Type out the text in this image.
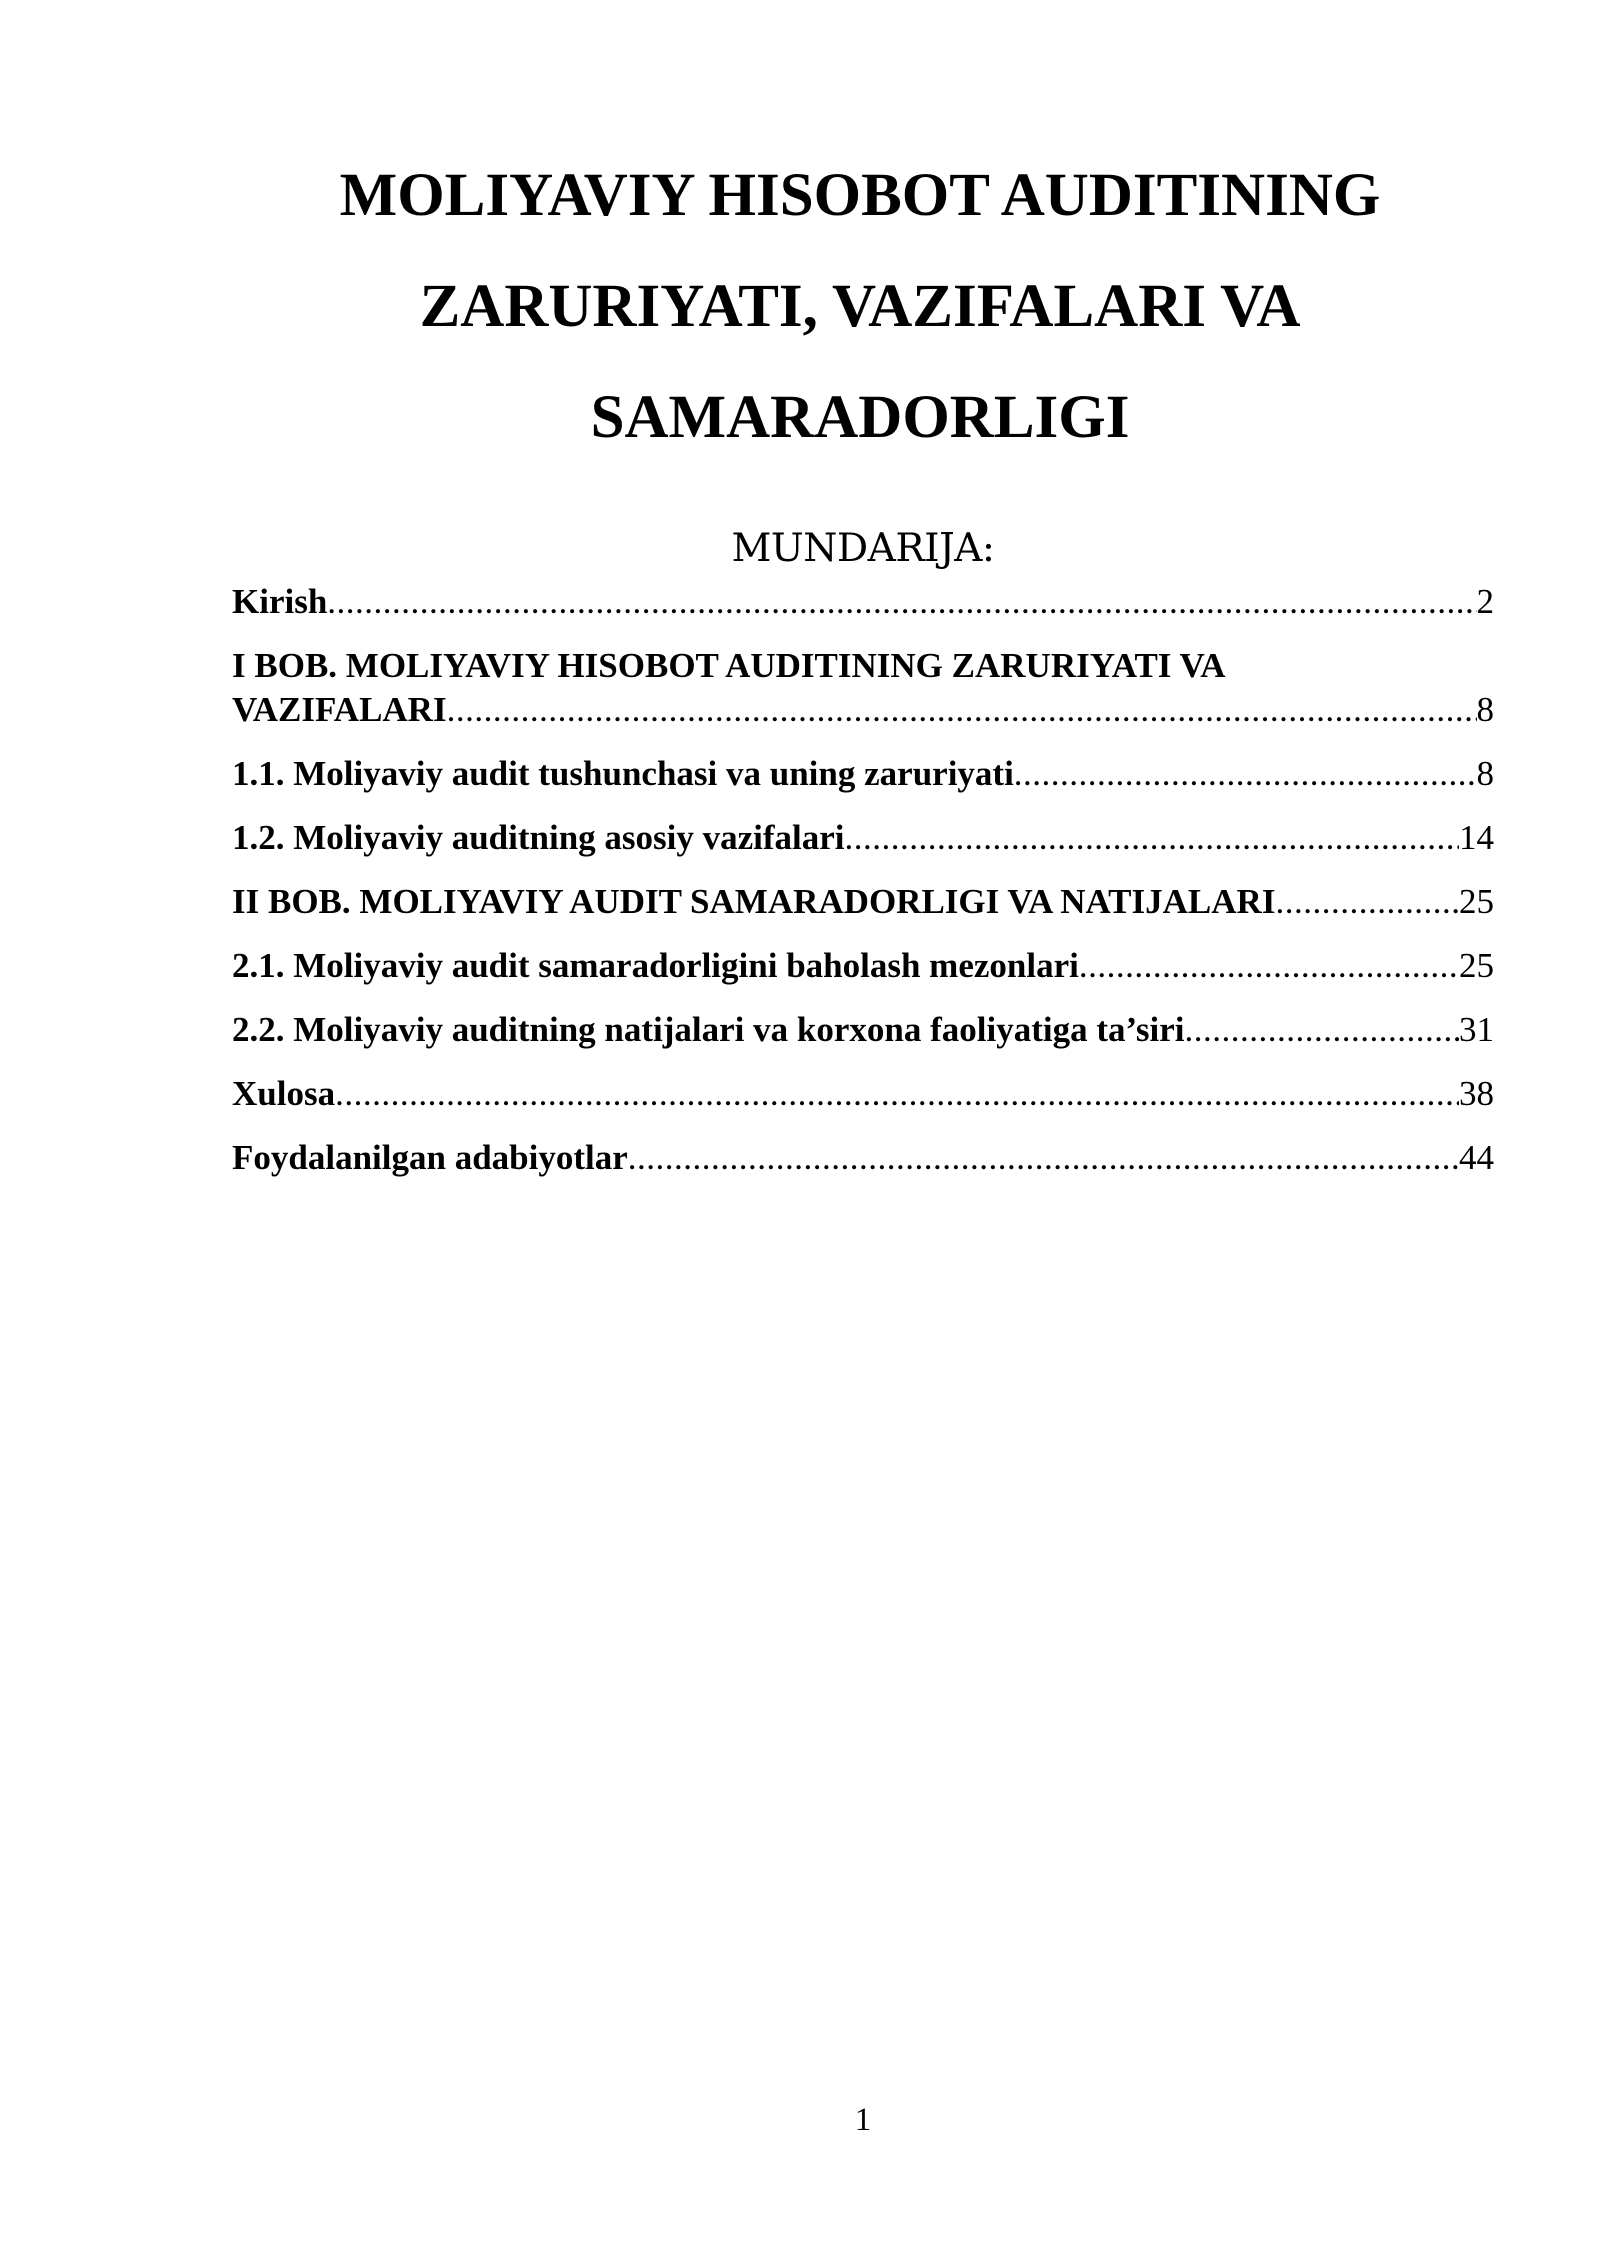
MOLIYAVIY HISOBOT AUDITINING
ZARURIYATI, VAZIFALARI VA
SAMARADORLIGI
MUNDARIJA:
Kirish .....	2
I BOB. MOLIYAVIY HISOBOT AUDITINING ZARURIYATI VA
VAZIFALARI .....	8
1.1. Moliyaviy audit tushunchasi va uning zaruriyati .....	8
1.2. Moliyaviy auditning asosiy vazifalari .....	14
II BOB. MOLIYAVIY AUDIT SAMARADORLIGI VA NATIJALARI .....	25
2.1. Moliyaviy audit samaradorligini baholash mezonlari .....	25
2.2. Moliyaviy auditning natijalari va korxona faoliyatiga ta’siri .....	31
Xulosa .....	38
Foydalanilgan adabiyotlar .....	44
1
